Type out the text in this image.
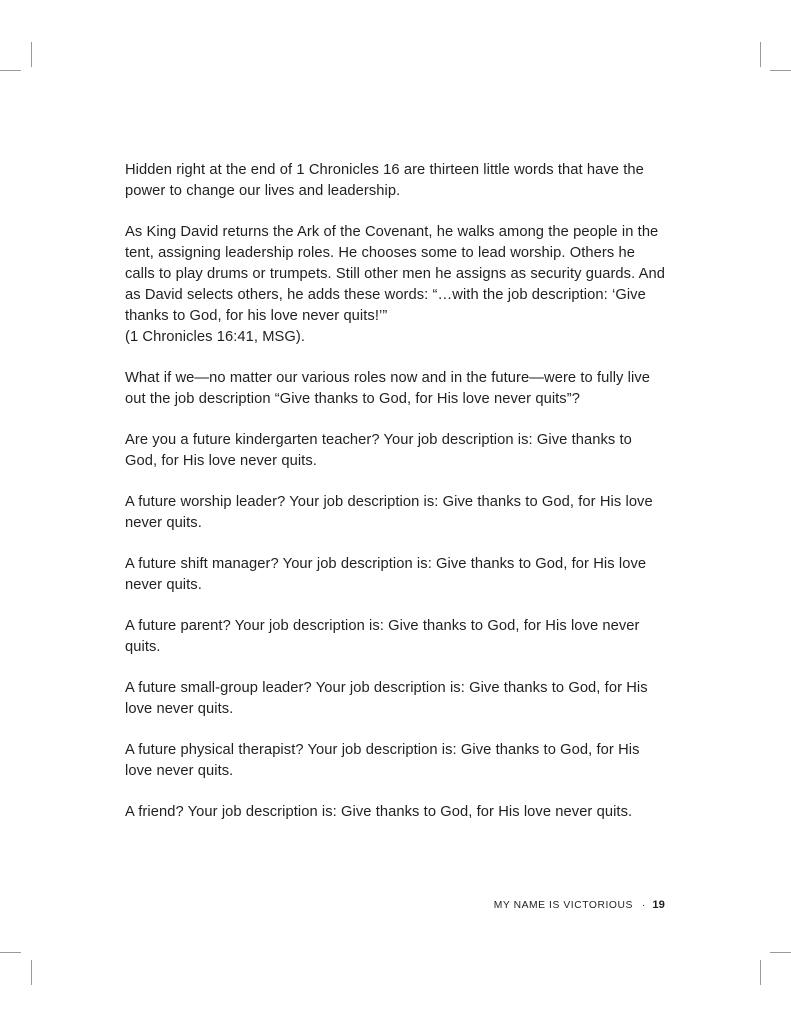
Hidden right at the end of 1 Chronicles 16 are thirteen little words that have the power to change our lives and leadership.

As King David returns the Ark of the Covenant, he walks among the people in the tent, assigning leadership roles. He chooses some to lead worship. Others he calls to play drums or trumpets. Still other men he assigns as security guards. And as David selects others, he adds these words: “…with the job description: ‘Give thanks to God, for his love never quits!’”

(1 Chronicles 16:41, MSG).

What if we—no matter our various roles now and in the future—were to fully live out the job description “Give thanks to God, for His love never quits”?

Are you a future kindergarten teacher? Your job description is: Give thanks to God, for His love never quits.

A future worship leader? Your job description is: Give thanks to God, for His love never quits.

A future shift manager? Your job description is: Give thanks to God, for His love never quits.

A future parent? Your job description is: Give thanks to God, for His love never quits.

A future small-group leader? Your job description is: Give thanks to God, for His love never quits.

A future physical therapist? Your job description is: Give thanks to God, for His love never quits.

A friend? Your job description is: Give thanks to God, for His love never quits.

MY NAME IS VICTORIOUS · 19
